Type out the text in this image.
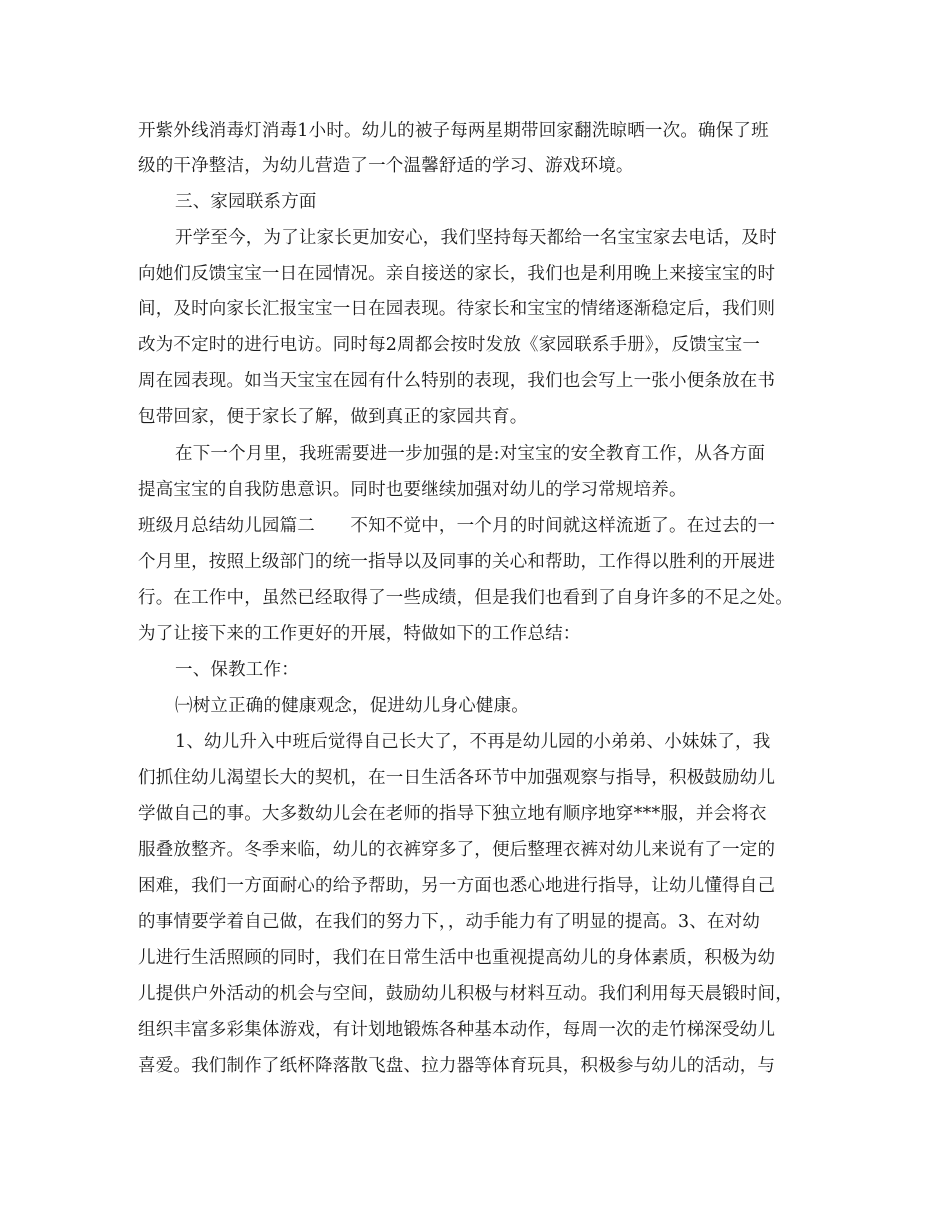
开紫外线消毒灯消毒1小时。幼儿的被子每两星期带回家翻洗晾晒一次。确保了班
级的干净整洁，为幼儿营造了一个温馨舒适的学习、游戏环境。
三、家园联系方面
开学至今，为了让家长更加安心，我们坚持每天都给一名宝宝家去电话，及时
向她们反馈宝宝一日在园情况。亲自接送的家长，我们也是利用晚上来接宝宝的时
间，及时向家长汇报宝宝一日在园表现。待家长和宝宝的情绪逐渐稳定后，我们则
改为不定时的进行电访。同时每2周都会按时发放《家园联系手册》，反馈宝宝一
周在园表现。如当天宝宝在园有什么特别的表现，我们也会写上一张小便条放在书
包带回家，便于家长了解，做到真正的家园共育。
在下一个月里，我班需要进一步加强的是:对宝宝的安全教育工作，从各方面
提高宝宝的自我防患意识。同时也要继续加强对幼儿的学习常规培养。
班级月总结幼儿园篇二　　不知不觉中，一个月的时间就这样流逝了。在过去的一
个月里，按照上级部门的统一指导以及同事的关心和帮助，工作得以胜利的开展进
行。在工作中，虽然已经取得了一些成绩，但是我们也看到了自身许多的不足之处。
为了让接下来的工作更好的开展，特做如下的工作总结：
一、保教工作：
㈠树立正确的健康观念，促进幼儿身心健康。
1、幼儿升入中班后觉得自己长大了，不再是幼儿园的小弟弟、小妹妹了，我
们抓住幼儿渴望长大的契机，在一日生活各环节中加强观察与指导，积极鼓励幼儿
学做自己的事。大多数幼儿会在老师的指导下独立地有顺序地穿***服，并会将衣
服叠放整齐。冬季来临，幼儿的衣裤穿多了，便后整理衣裤对幼儿来说有了一定的
困难，我们一方面耐心的给予帮助，另一方面也悉心地进行指导，让幼儿懂得自己
的事情要学着自己做，在我们的努力下，，动手能力有了明显的提高。3、在对幼
儿进行生活照顾的同时，我们在日常生活中也重视提高幼儿的身体素质，积极为幼
儿提供户外活动的机会与空间，鼓励幼儿积极与材料互动。我们利用每天晨锻时间，
组织丰富多彩集体游戏，有计划地锻炼各种基本动作，每周一次的走竹梯深受幼儿
喜爱。我们制作了纸杯降落散飞盘、拉力器等体育玩具，积极参与幼儿的活动，与
